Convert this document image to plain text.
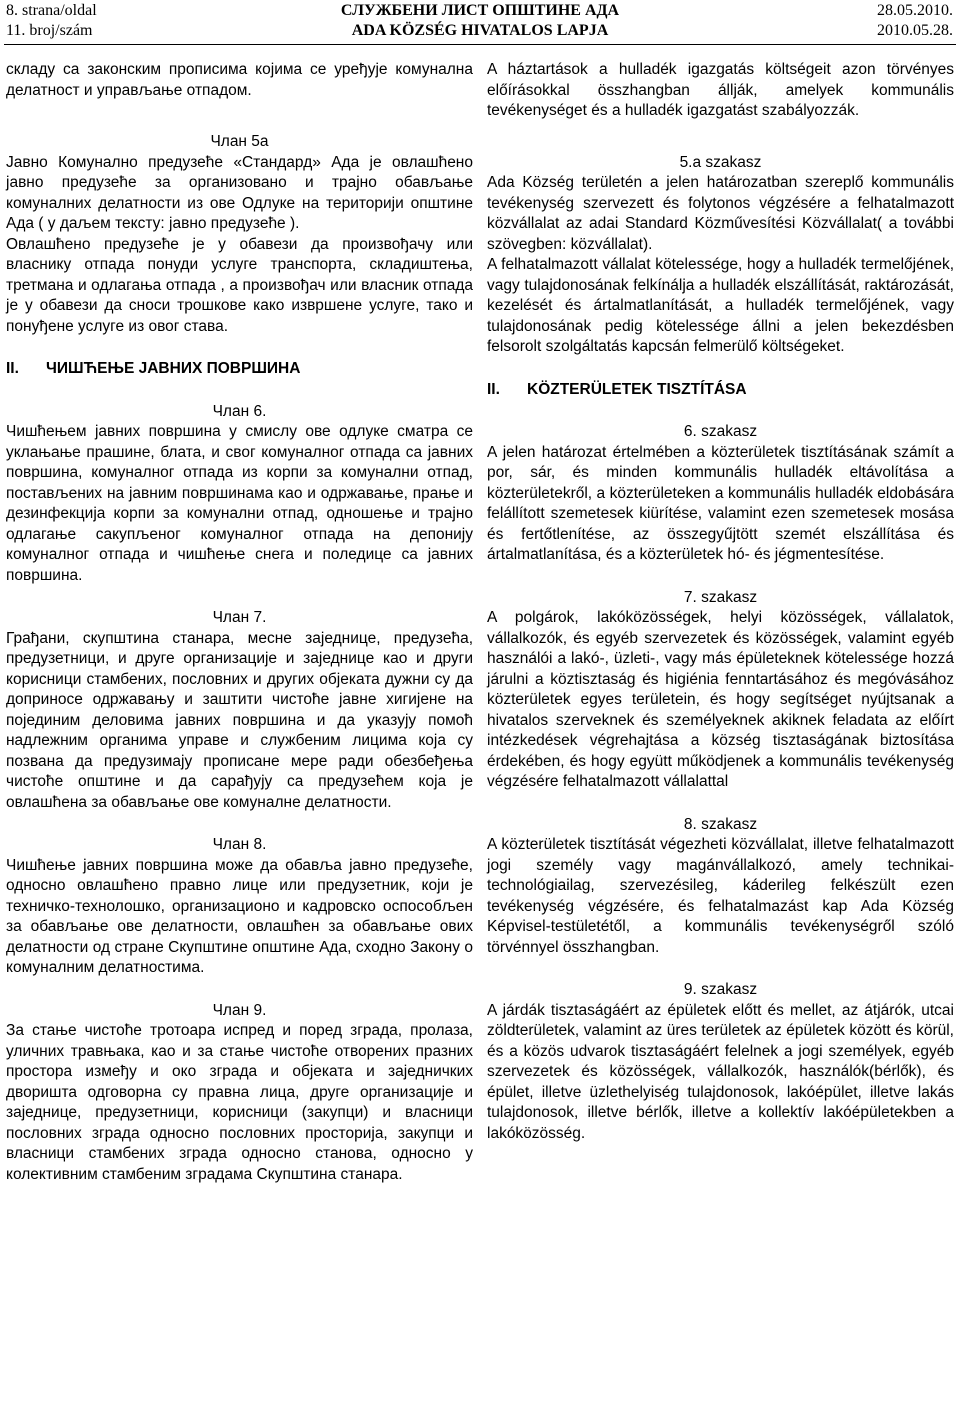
8. strana/oldal
11. broj/szám
СЛУЖБЕНИ ЛИСТ ОПШТИНЕ АДА
ADA KÖZSÉG HIVATALOS LAPJA
28.05.2010.
2010.05.28.

складу са законским прописима којима се уређује комунална делатност и управљање отпадом.

Члан 5а

Јавно Комунално предузеће «Стандард» Ада је овлашћено јавно предузеће за организовано и трајно обављање комуналних делатности из ове Одлуке на територији општине Ада ( у даљем тексту: јавно предузеће ).

Овлашћено предузеће је у обавези да произвођачу или власнику отпада понуди услуге транспорта, складиштења, третмана и одлагања отпада , а произвођач или власник отпада је у обавези да сноси трошкове како извршене услуге, тако и понуђене услуге из овог става.

II. ЧИШЋЕЊЕ ЈАВНИХ ПОВРШИНА

Члан 6.

Чишћењем јавних површина у смислу ове одлуке сматра се уклањање прашине, блата, и свог комуналног отпада са јавних површина, комуналног отпада из корпи за комунални отпад, постављених на јавним површинама као и одржавање, прање и дезинфекција корпи за комунални отпад, одношење и трајно одлагање сакупљеног комуналног отпада на депонију комуналног отпада и чишћење снега и поледице са јавних површина.

Члан 7.

Грађани, скупштина станара, месне заједнице, предузећа, предузетници, и друге организације и заједнице као и други корисници стамбених, пословних и других објеката дужни су да доприносе одржавању и заштити чистоће јавне хигијене на појединим деловима јавних површина и да указују помоћ надлежним органима управе и службеним лицима која су позвана да предузимају прописане мере ради обезбеђења чистоће општине и да сарађују са предузећем која је овлашћена за обављање ове комуналне делатности.

Члан 8.

Чишћење јавних површина може да обавља јавно предузеће, односно овлашћено правно лице или предузетник, који је техничко-технолошко, организационо и кадровско оспособљен за обављање ове делатности, овлашћен за обављање ових делатности од стране Скупштине општине Ада, сходно Закону о комуналним делатностима.

Члан 9.

За стање чистоће тротоара испред и поред зграда, пролаза, уличних травњака, као и за стање чистоће отворених празних простора између и око зграда и објеката и заједничких дворишта одговорна су правна лица, друге организације и заједнице, предузетници, корисници (закупци) и власници пословних зграда односно пословних просторија, закупци и власници стамбених зграда односно станова, односно у колективним стамбеним зградама Скупштина станара.

A háztartások a hulladék igazgatás költségeit azon törvényes előírásokkal összhangban állják, amelyek kommunális tevékenységet és a hulladék igazgatást szabályozzák.

5.a szakasz

Ada Község területén a jelen határozatban szereplő kommunális tevékenység szervezett és folytonos végzésére a felhatalmazott közvállalat az adai Standard Közművesítési Közvállalat( a további szövegben: közvállalat).

A felhatalmazott vállalat kötelessége, hogy a hulladék termelőjének, vagy tulajdonosának felkínálja a hulladék elszállítását, raktározását, kezelését és ártalmatlanítását, a hulladék termelőjének, vagy tulajdonosának pedig kötelessége állni a jelen bekezdésben felsorolt szolgáltatás kapcsán felmerülő költségeket.

II. KÖZTERÜLETEK TISZTÍTÁSA

6. szakasz

A jelen határozat értelmében a közterületek tisztításának számít a por, sár, és minden kommunális hulladék eltávolítása a közterületekről, a közterületeken a kommunális hulladék eldobására felállított szemetesek kiürítése, valamint ezen szemetesek mosása és fertőtlenítése, az összegyűjtött szemét elszállítása és ártalmatlanítása, és a közterületek hó- és jégmentesítése.

7. szakasz

A polgárok, lakóközösségek, helyi közösségek, vállalatok, vállalkozók, és egyéb szervezetek és közösségek, valamint egyéb használói a lakó-, üzleti-, vagy más épületeknek kötelessége hozzá járulni a köztisztaság és higiénia fenntartásához és megóvásához közterületek egyes területein, és hogy segítséget nyújtsanak a hivatalos szerveknek és személyeknek akiknek feladata az előírt intézkedések végrehajtása a község tisztaságának biztosítása érdekében, és hogy együtt működjenek a kommunális tevékenység végzésére felhatalmazott vállalattal

8. szakasz

A közterületek tisztítását végezheti közvállalat, illetve felhatalmazott jogi személy vagy magánvállalkozó, amely technikai-technológiailag, szervezésileg, káderileg felkészült ezen tevékenység végzésére, és felhatalmazást kap Ada Község Képvisel-testületétől, a kommunális tevékenységről szóló törvénnyel összhangban.

9. szakasz

A járdák tisztaságáért az épületek előtt és mellet, az átjárók, utcai zöldterületek, valamint az üres területek az épületek között és körül, és a közös udvarok tisztaságáért felelnek a jogi személyek, egyéb szervezetek és közösségek, vállalkozók, használók(bérlők), és épület, illetve üzlethelyiség tulajdonosok, lakóépület, illetve lakás tulajdonosok, illetve bérlők, illetve a kollektív lakóépületekben a lakóközösség.
